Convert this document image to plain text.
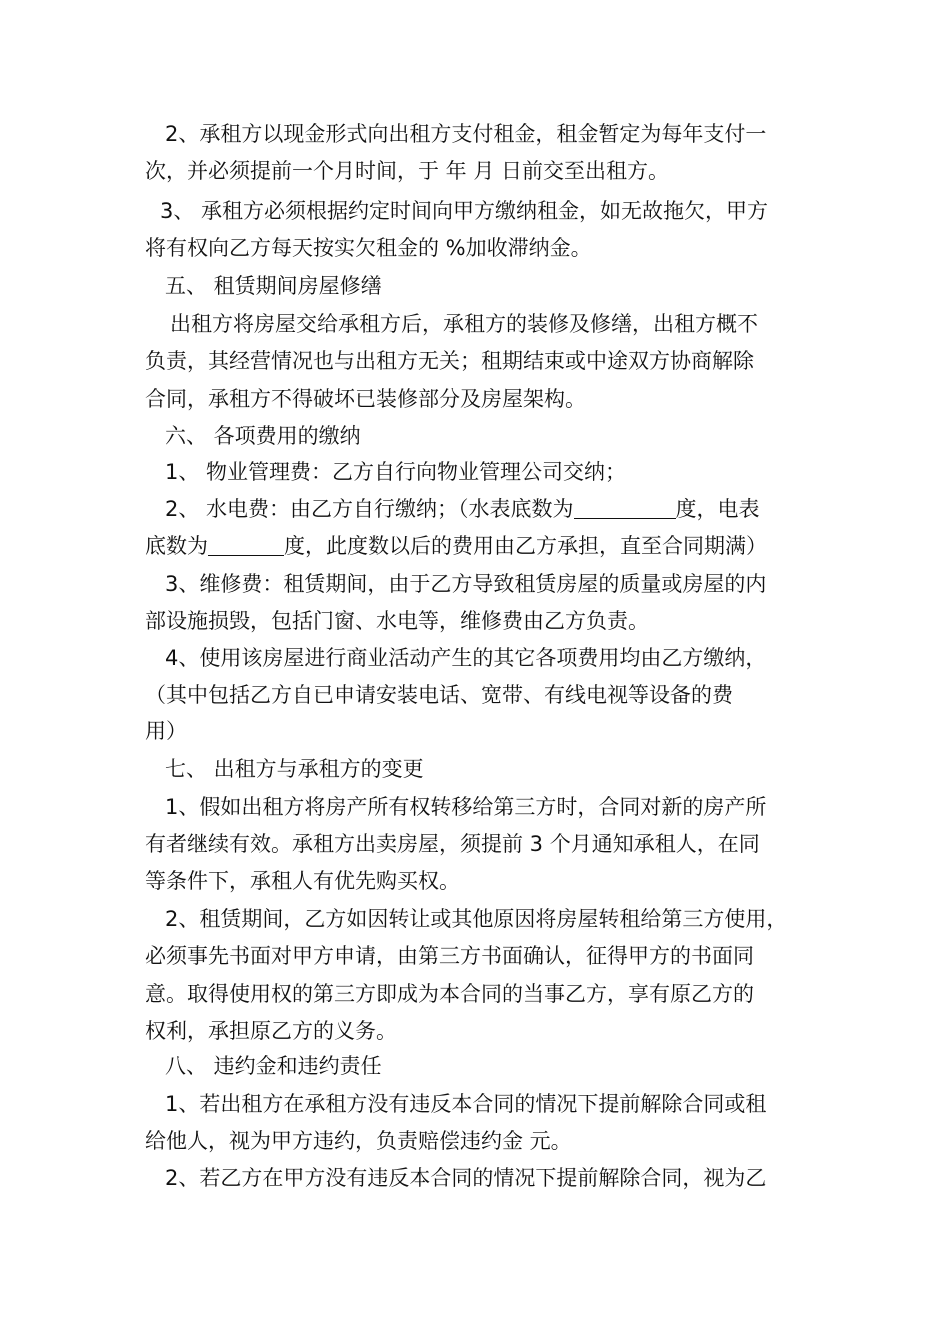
2、承租方以现金形式向出租方支付租金，租金暂定为每年支付一
次，并必须提前一个月时间，于 年 月 日前交至出租方。
3、 承租方必须根据约定时间向甲方缴纳租金，如无故拖欠，甲方
将有权向乙方每天按实欠租金的 %加收滞纳金。
五、 租赁期间房屋修缮
出租方将房屋交给承租方后，承租方的装修及修缮，出租方概不
负责，其经营情况也与出租方无关；租期结束或中途双方协商解除
合同，承租方不得破坏已装修部分及房屋架构。
六、 各项费用的缴纳
1、 物业管理费：乙方自行向物业管理公司交纳；
2、 水电费：由乙方自行缴纳；（水表底数为	度，电表
底数为	度，此度数以后的费用由乙方承担，直至合同期满）
3、维修费：租赁期间，由于乙方导致租赁房屋的质量或房屋的内
部设施损毁，包括门窗、水电等，维修费由乙方负责。
4、使用该房屋进行商业活动产生的其它各项费用均由乙方缴纳，
（其中包括乙方自已申请安装电话、宽带、有线电视等设备的费
用）
七、 出租方与承租方的变更
1、假如出租方将房产所有权转移给第三方时，合同对新的房产所
有者继续有效。承租方出卖房屋，须提前 3 个月通知承租人，在同
等条件下，承租人有优先购买权。
2、租赁期间，乙方如因转让或其他原因将房屋转租给第三方使用，
必须事先书面对甲方申请，由第三方书面确认，征得甲方的书面同
意。取得使用权的第三方即成为本合同的当事乙方，享有原乙方的
权利，承担原乙方的义务。
八、 违约金和违约责任
1、若出租方在承租方没有违反本合同的情况下提前解除合同或租
给他人，视为甲方违约，负责赔偿违约金 元。
2、若乙方在甲方没有违反本合同的情况下提前解除合同，视为乙
